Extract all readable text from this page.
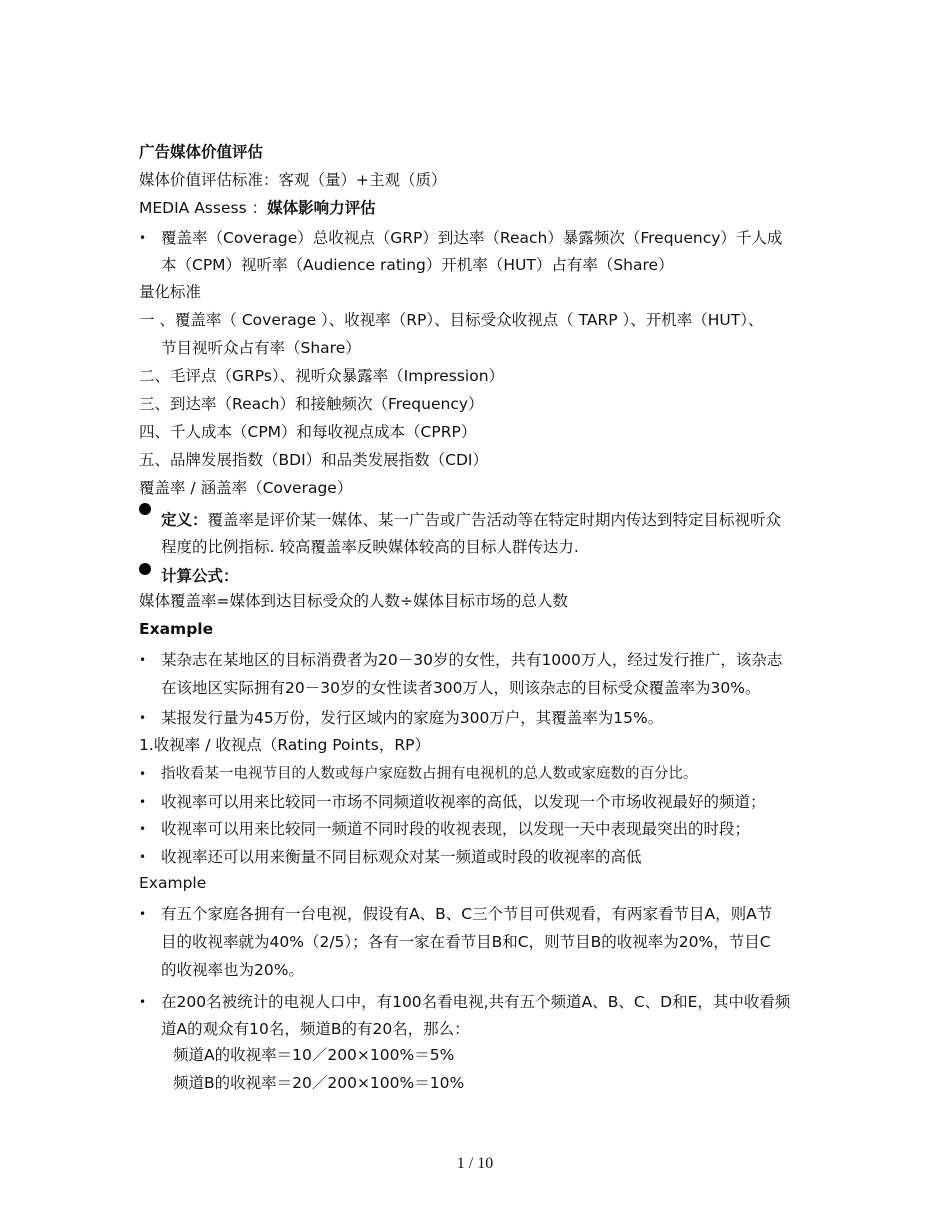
广告媒体价值评估
媒体价值评估标准：客观（量）+主观（质）
MEDIA Assess ：媒体影响力评估
• 覆盖率（Coverage）总收视点（GRP）到达率（Reach）暴露频次（Frequency）千人成
本（CPM）视听率（Audience rating）开机率（HUT）占有率（Share）
量化标准
一 、覆盖率（ Coverage ）、收视率（RP）、目标受众收视点（ TARP ）、开机率（HUT）、
节目视听众占有率（Share）
二、毛评点（GRPs）、视听众暴露率（Impression）
三、到达率（Reach）和接触频次（Frequency）
四、千人成本（CPM）和每收视点成本（CPRP）
五、品牌发展指数（BDI）和品类发展指数（CDI）
覆盖率 / 涵盖率（Coverage）
定义：覆盖率是评价某一媒体、某一广告或广告活动等在特定时期内传达到特定目标视听众
程度的比例指标. 较高覆盖率反映媒体较高的目标人群传达力.
计算公式：
媒体覆盖率=媒体到达目标受众的人数÷媒体目标市场的总人数
Example
• 某杂志在某地区的目标消费者为20－30岁的女性，共有1000万人，经过发行推广，该杂志
在该地区实际拥有20－30岁的女性读者300万人，则该杂志的目标受众覆盖率为30%。
• 某报发行量为45万份，发行区域内的家庭为300万户，其覆盖率为15%。
1.收视率 / 收视点（Rating Points，RP）
• 指收看某一电视节目的人数或每户家庭数占拥有电视机的总人数或家庭数的百分比。
• 收视率可以用来比较同一市场不同频道收视率的高低，以发现一个市场收视最好的频道；
• 收视率可以用来比较同一频道不同时段的收视表现，以发现一天中表现最突出的时段；
• 收视率还可以用来衡量不同目标观众对某一频道或时段的收视率的高低
Example
• 有五个家庭各拥有一台电视，假设有A、B、C三个节目可供观看，有两家看节目A，则A节
目的收视率就为40%（2/5）；各有一家在看节目B和C，则节目B的收视率为20%，节目C
的收视率也为20%。
• 在200名被统计的电视人口中，有100名看电视,共有五个频道A、B、C、D和E，其中收看频
道A的观众有10名，频道B的有20名，那么：
频道A的收视率＝10／200×100%＝5%
频道B的收视率＝20／200×100%＝10%
1 / 10
